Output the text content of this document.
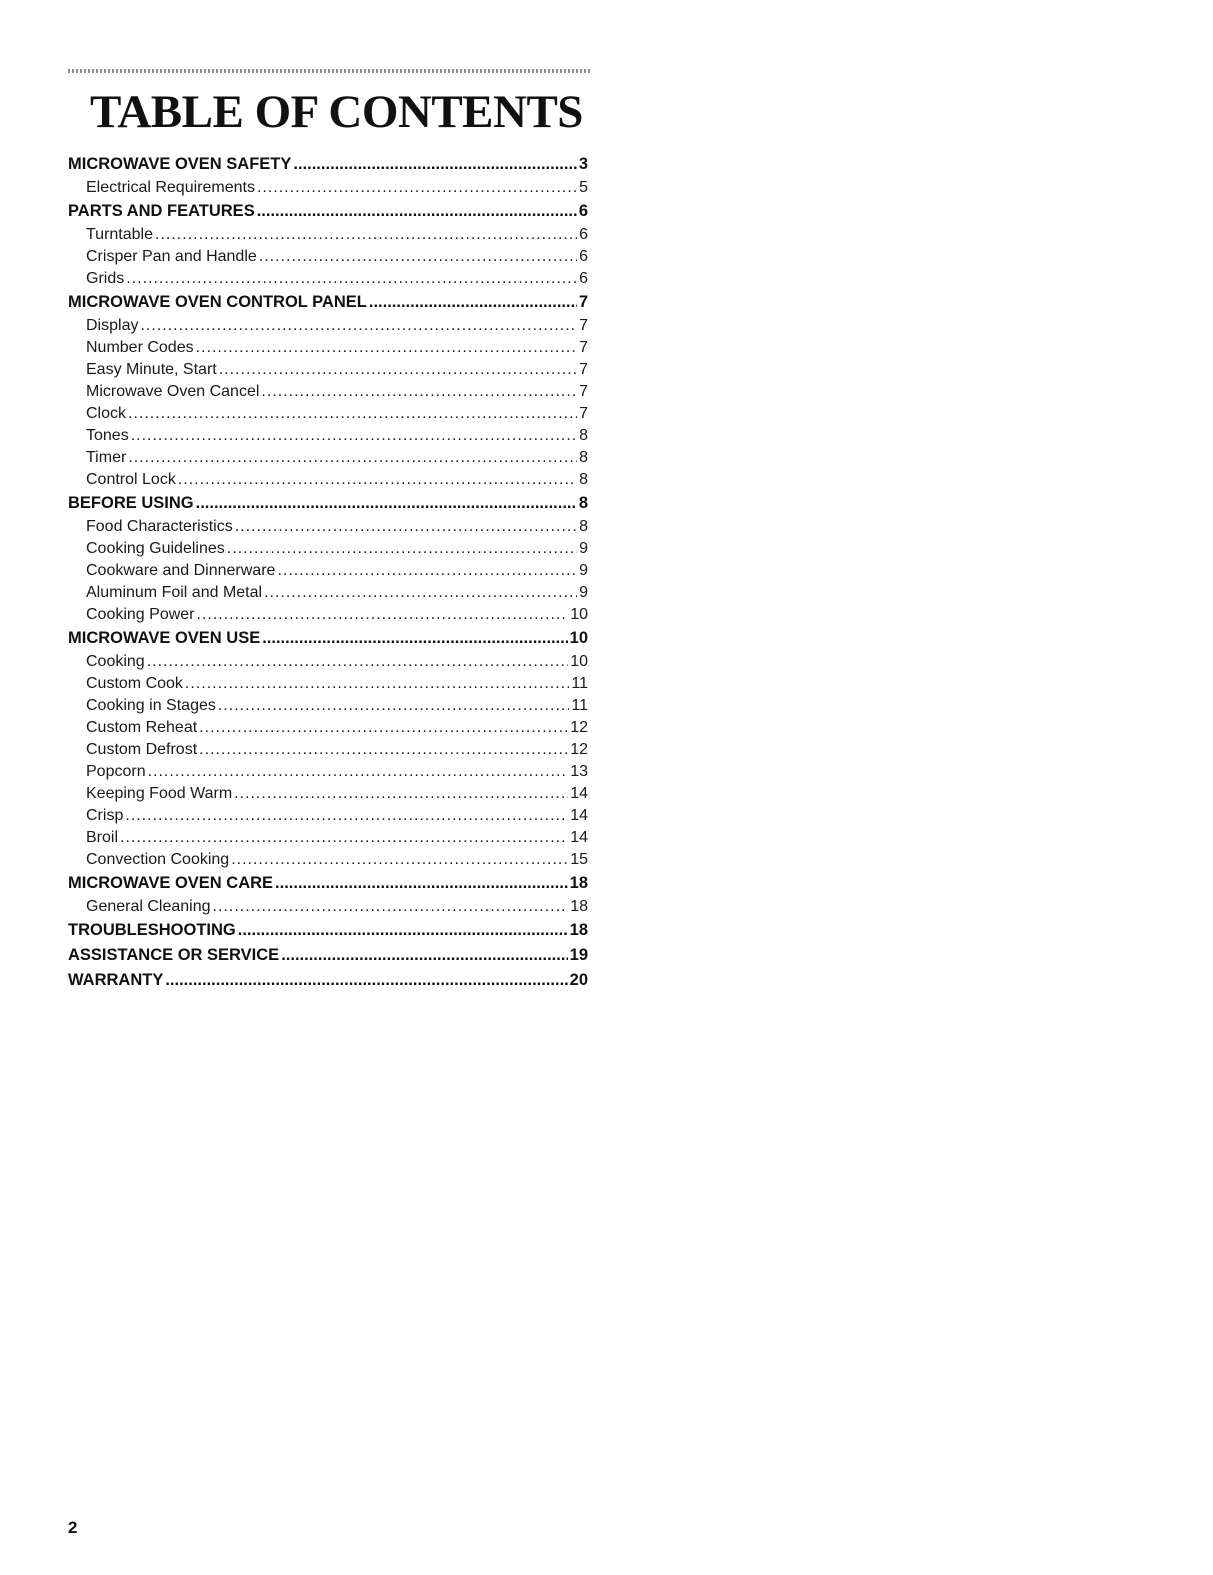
TABLE OF CONTENTS
MICROWAVE OVEN SAFETY .....	3
Electrical Requirements .....	5
PARTS AND FEATURES .....	6
Turntable .....	6
Crisper Pan and Handle .....	6
Grids .....	6
MICROWAVE OVEN CONTROL PANEL .....	7
Display .....	7
Number Codes .....	7
Easy Minute, Start .....	7
Microwave Oven Cancel .....	7
Clock .....	7
Tones .....	8
Timer .....	8
Control Lock .....	8
BEFORE USING .....	8
Food Characteristics .....	8
Cooking Guidelines .....	9
Cookware and Dinnerware .....	9
Aluminum Foil and Metal .....	9
Cooking Power .....	10
MICROWAVE OVEN USE .....	10
Cooking .....	10
Custom Cook .....	11
Cooking in Stages .....	11
Custom Reheat .....	12
Custom Defrost .....	12
Popcorn .....	13
Keeping Food Warm .....	14
Crisp .....	14
Broil .....	14
Convection Cooking .....	15
MICROWAVE OVEN CARE .....	18
General Cleaning .....	18
TROUBLESHOOTING .....	18
ASSISTANCE OR SERVICE .....	19
WARRANTY .....	20
2
